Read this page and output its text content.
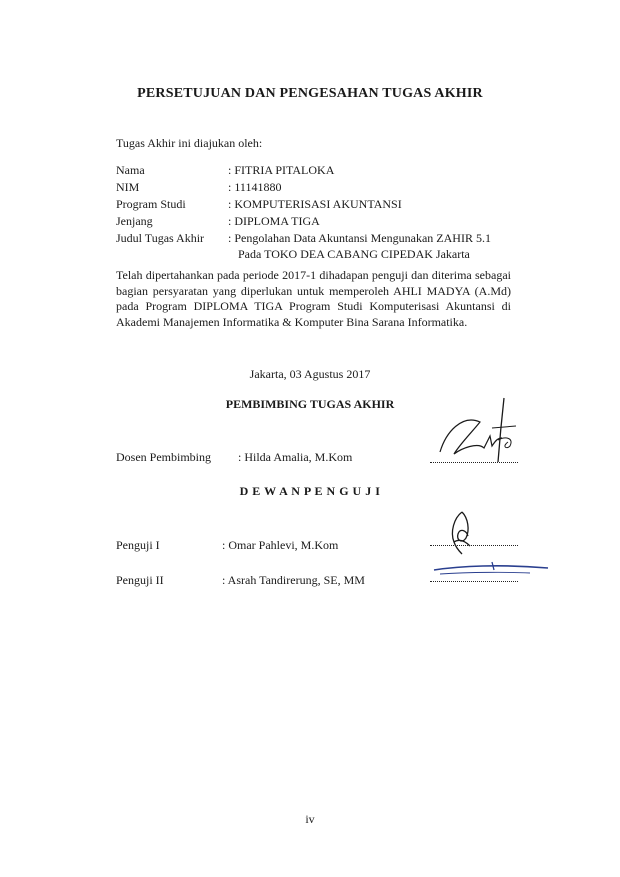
PERSETUJUAN DAN PENGESAHAN TUGAS AKHIR
Tugas Akhir ini diajukan oleh:
Nama	: FITRIA PITALOKA
NIM	: 11141880
Program Studi	: KOMPUTERISASI AKUNTANSI
Jenjang	: DIPLOMA TIGA
Judul Tugas Akhir : Pengolahan Data Akuntansi Mengunakan ZAHIR 5.1
Pada TOKO DEA CABANG CIPEDAK Jakarta
Telah dipertahankan pada periode 2017-1 dihadapan penguji dan diterima sebagai bagian persyaratan yang diperlukan untuk memperoleh AHLI MADYA (A.Md) pada Program DIPLOMA TIGA Program Studi Komputerisasi Akuntansi di Akademi Manajemen Informatika & Komputer Bina Sarana Informatika.
Jakarta, 03 Agustus 2017
PEMBIMBING TUGAS AKHIR
Dosen Pembimbing : Hilda Amalia, M.Kom
D E W A N P E N G U J I
Penguji I	: Omar Pahlevi, M.Kom
Penguji II	: Asrah Tandirerung, SE, MM
iv
